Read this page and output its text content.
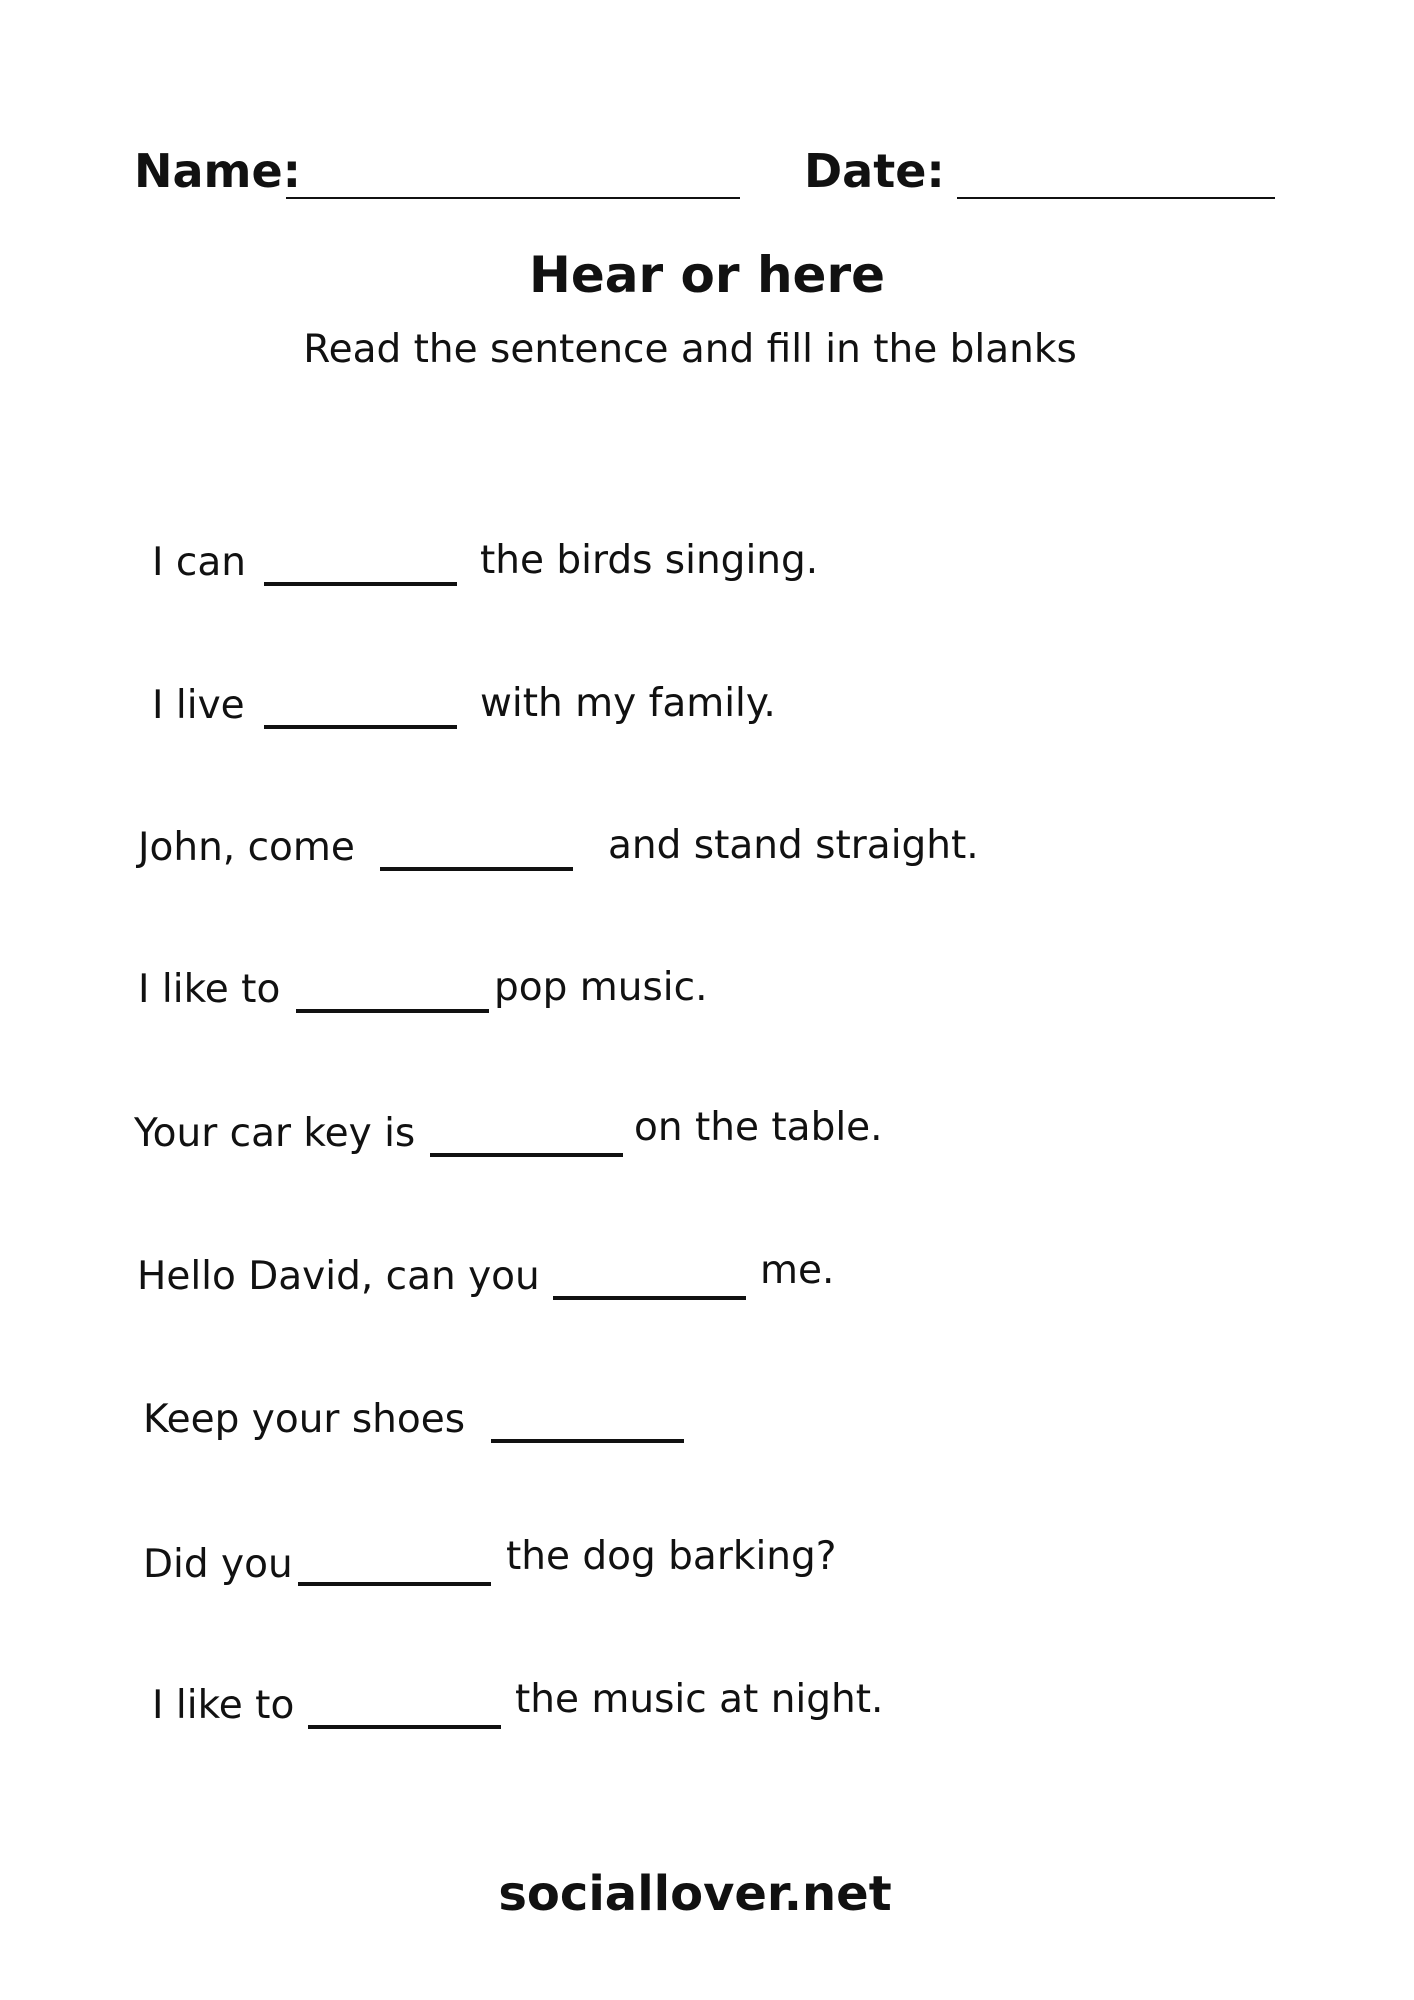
Name:	Date:
Hear or here
Read the sentence and fill in the blanks
I can	the birds singing.
I live	with my family.
John, come	and stand straight.
I like to	pop music.
Your car key is	on the table.
Hello David, can you	me.
Keep your shoes
Did you	the dog barking?
I like to	the music at night.
sociallover.net
